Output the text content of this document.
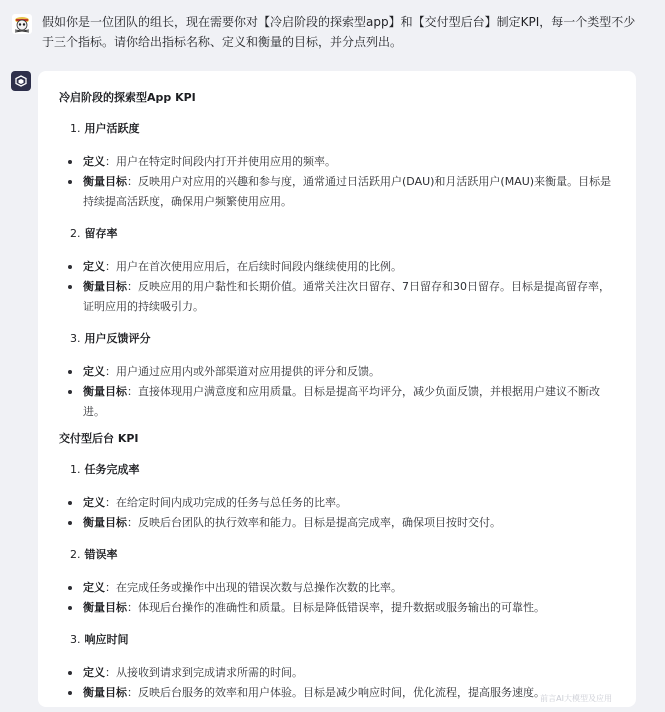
假如你是一位团队的组长，现在需要你对【冷启阶段的探索型app】和【交付型后台】制定KPI，每一个类型不少于三个指标。请你给出指标名称、定义和衡量的目标，并分点列出。
冷启阶段的探索型App KPI
1. 用户活跃度
定义：用户在特定时间段内打开并使用应用的频率。
衡量目标：反映用户对应用的兴趣和参与度，通常通过日活跃用户(DAU)和月活跃用户(MAU)来衡量。目标是持续提高活跃度，确保用户频繁使用应用。
2. 留存率
定义：用户在首次使用应用后，在后续时间段内继续使用的比例。
衡量目标：反映应用的用户黏性和长期价值。通常关注次日留存、7日留存和30日留存。目标是提高留存率，证明应用的持续吸引力。
3. 用户反馈评分
定义：用户通过应用内或外部渠道对应用提供的评分和反馈。
衡量目标：直接体现用户满意度和应用质量。目标是提高平均评分，减少负面反馈，并根据用户建议不断改进。
交付型后台 KPI
1. 任务完成率
定义：在给定时间内成功完成的任务与总任务的比率。
衡量目标：反映后台团队的执行效率和能力。目标是提高完成率，确保项目按时交付。
2. 错误率
定义：在完成任务或操作中出现的错误次数与总操作次数的比率。
衡量目标：体现后台操作的准确性和质量。目标是降低错误率，提升数据或服务输出的可靠性。
3. 响应时间
定义：从接收到请求到完成请求所需的时间。
衡量目标：反映后台服务的效率和用户体验。目标是减少响应时间，优化流程，提高服务速度。
前言AI大模型及应用
